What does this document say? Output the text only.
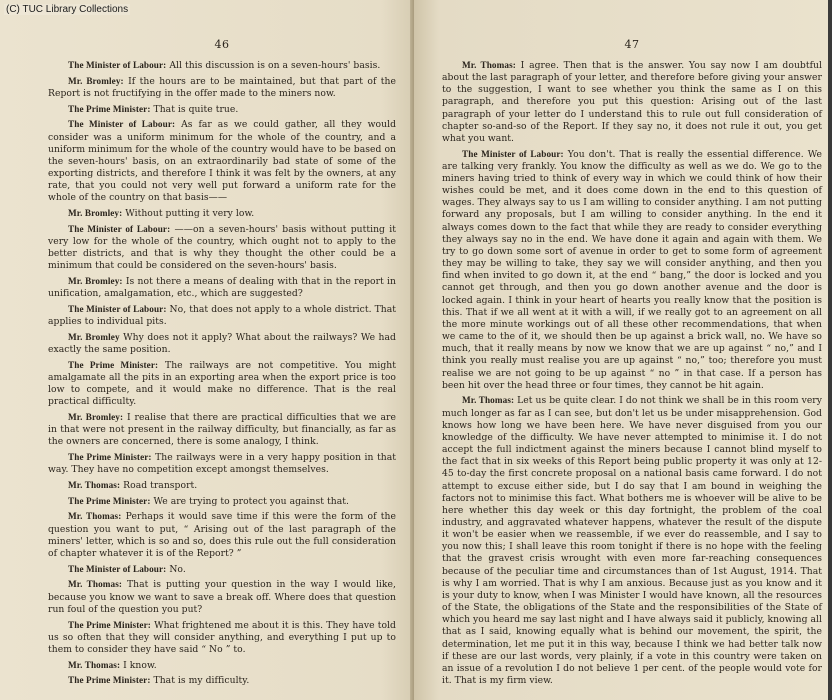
(C) TUC Library Collections
46
The Minister of Labour: All this discussion is on a seven-hours' basis.
Mr. Bromley: If the hours are to be maintained, but that part of the Report is not fructifying in the offer made to the miners now.
The Prime Minister: That is quite true.
The Minister of Labour: As far as we could gather, all they would consider was a uniform minimum for the whole of the country, and a uniform minimum for the whole of the country would have to be based on the seven-hours' basis, on an extraordinarily bad state of some of the exporting districts, and therefore I think it was felt by the owners, at any rate, that you could not very well put forward a uniform rate for the whole of the country on that basis——
Mr. Bromley: Without putting it very low.
The Minister of Labour: ——on a seven-hours' basis without putting it very low for the whole of the country, which ought not to apply to the better districts, and that is why they thought the other could be a minimum that could be considered on the seven-hours' basis.
Mr. Bromley: Is not there a means of dealing with that in the report in unification, amalgamation, etc., which are suggested?
The Minister of Labour: No, that does not apply to a whole district. That applies to individual pits.
Mr. Bromley Why does not it apply? What about the railways? We had exactly the same position.
The Prime Minister: The railways are not competitive. You might amalgamate all the pits in an exporting area when the export price is too low to compete, and it would make no difference. That is the real practical difficulty.
Mr. Bromley: I realise that there are practical difficulties that we are in that were not present in the railway difficulty, but financially, as far as the owners are concerned, there is some analogy, I think.
The Prime Minister: The railways were in a very happy position in that way. They have no competition except amongst themselves.
Mr. Thomas: Road transport.
The Prime Minister: We are trying to protect you against that.
Mr. Thomas: Perhaps it would save time if this were the form of the question you want to put, “ Arising out of the last paragraph of the miners' letter, which is so and so, does this rule out the full consideration of chapter whatever it is of the Report? ”
The Minister of Labour: No.
Mr. Thomas: That is putting your question in the way I would like, because you know we want to save a break off. Where does that question run foul of the question you put?
The Prime Minister: What frightened me about it is this. They have told us so often that they will consider anything, and everything I put up to them to consider they have said “ No ” to.
Mr. Thomas: I know.
The Prime Minister: That is my difficulty.
47
Mr. Thomas: I agree. Then that is the answer. You say now I am doubtful about the last paragraph of your letter, and therefore before giving your answer to the suggestion, I want to see whether you think the same as I on this paragraph, and therefore you put this question: Arising out of the last paragraph of your letter do I understand this to rule out full consideration of chapter so-and-so of the Report. If they say no, it does not rule it out, you get what you want.
The Minister of Labour: You don't. That is really the essential difference. We are talking very frankly. You know the difficulty as well as we do. We go to the miners having tried to think of every way in which we could think of how their wishes could be met, and it does come down in the end to this question of wages. They always say to us I am willing to consider anything. I am not putting forward any proposals, but I am willing to consider anything. In the end it always comes down to the fact that while they are ready to consider everything they always say no in the end. We have done it again and again with them. We try to go down some sort of avenue in order to get to some form of agreement they may be willing to take, they say we will consider anything, and then you find when invited to go down it, at the end “ bang,” the door is locked and you cannot get through, and then you go down another avenue and the door is locked again. I think in your heart of hearts you really know that the position is this. That if we all went at it with a will, if we really got to an agreement on all the more minute workings out of all these other recommendations, that when we came to the of it, we should then be up against a brick wall, no. We have so much, that it really means by now we know that we are up against “ no,” and I think you really must realise you are up against “ no,” too; therefore you must realise we are not going to be up against “ no ” in that case. If a person has been hit over the head three or four times, they cannot be hit again.
Mr. Thomas: Let us be quite clear. I do not think we shall be in this room very much longer as far as I can see, but don't let us be under misapprehension. God knows how long we have been here. We have never disguised from you our knowledge of the difficulty. We have never attempted to minimise it. I do not accept the full indictment against the miners because I cannot blind myself to the fact that in six weeks of this Report being public property it was only at 12-45 to-day the first concrete proposal on a national basis came forward. I do not attempt to excuse either side, but I do say that I am bound in weighing the factors not to minimise this fact. What bothers me is whoever will be alive to be here whether this day week or this day fortnight, the problem of the coal industry, and aggravated whatever happens, whatever the result of the dispute it won't be easier when we reassemble, if we ever do reassemble, and I say to you now this; I shall leave this room tonight if there is no hope with the feeling that the gravest crisis wrought with even more far-reaching consequences because of the peculiar time and circumstances than of 1st August, 1914. That is why I am worried. That is why I am anxious. Because just as you know and it is your duty to know, when I was Minister I would have known, all the resources of the State, the obligations of the State and the responsibilities of the State of which you heard me say last night and I have always said it publicly, knowing all that as I said, knowing equally what is behind our movement, the spirit, the determination, let me put it in this way, because I think we had better talk now if these are our last words, very plainly, if a vote in this country were taken on an issue of a revolution I do not believe 1 per cent. of the people would vote for it. That is my firm view.
